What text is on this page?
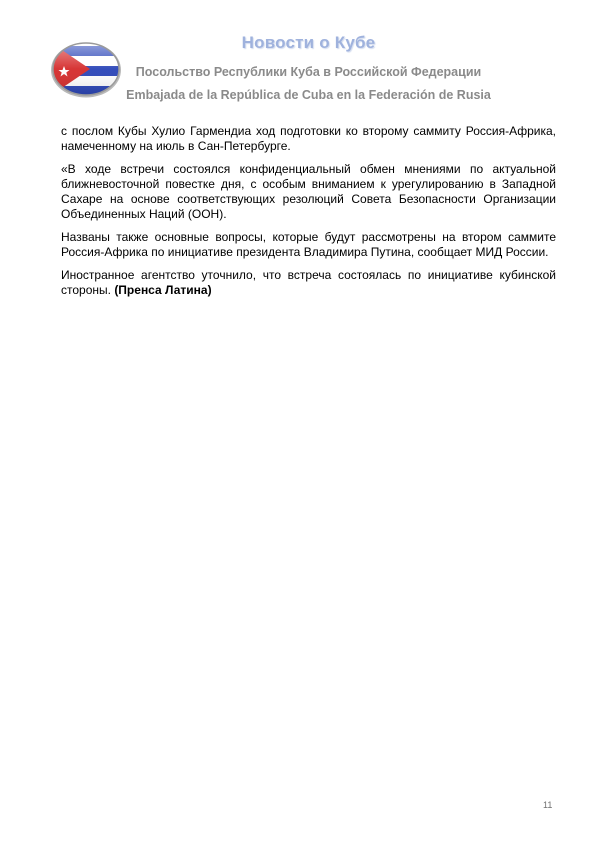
Новости о Кубе
Посольство Республики Куба в Российской Федерации
Embajada de la República de Cuba en la Federación de Rusia

с послом Кубы Хулио Гармендиа ход подготовки ко второму саммиту Россия-Африка, намеченному на июль в Сан-Петербурге.

«В ходе встречи состоялся конфиденциальный обмен мнениями по актуальной ближневосточной повестке дня, с особым вниманием к урегулированию в Западной Сахаре на основе соответствующих резолюций Совета Безопасности Организации Объединенных Наций (ООН).

Названы также основные вопросы, которые будут рассмотрены на втором саммите Россия-Африка по инициативе президента Владимира Путина, сообщает МИД России.

Иностранное агентство уточнило, что встреча состоялась по инициативе кубинской стороны. (Пренса Латина)

11
